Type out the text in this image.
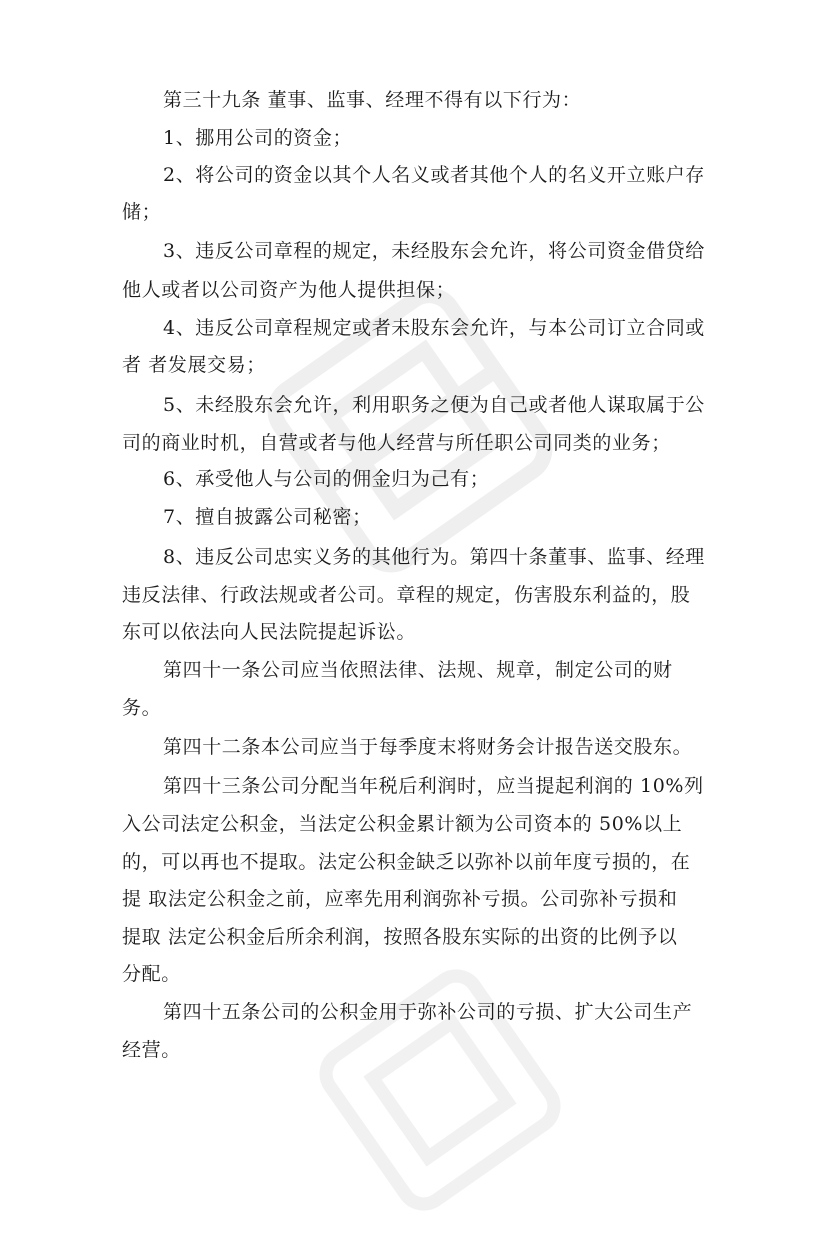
第三十九条 董事、监事、经理不得有以下行为：
1、挪用公司的资金；
2、将公司的资金以其个人名义或者其他个人的名义开立账户存
储；
3、违反公司章程的规定，未经股东会允许，将公司资金借贷给
他人或者以公司资产为他人提供担保；
4、违反公司章程规定或者未股东会允许，与本公司订立合同或
者 者发展交易；
5、未经股东会允许，利用职务之便为自己或者他人谋取属于公
司的商业时机，自营或者与他人经营与所任职公司同类的业务；
6、承受他人与公司的佣金归为己有；
7、擅自披露公司秘密；
8、违反公司忠实义务的其他行为。第四十条董事、监事、经理
违反法律、行政法规或者公司。章程的规定，伤害股东利益的，股
东可以依法向人民法院提起诉讼。
第四十一条公司应当依照法律、法规、规章，制定公司的财
务。
第四十二条本公司应当于每季度末将财务会计报告送交股东。
第四十三条公司分配当年税后利润时，应当提起利润的 10%列
入公司法定公积金，当法定公积金累计额为公司资本的 50%以上
的，可以再也不提取。法定公积金缺乏以弥补以前年度亏损的，在
提 取法定公积金之前，应率先用利润弥补亏损。公司弥补亏损和
提取 法定公积金后所余利润，按照各股东实际的出资的比例予以
分配。
第四十五条公司的公积金用于弥补公司的亏损、扩大公司生产
经营。
